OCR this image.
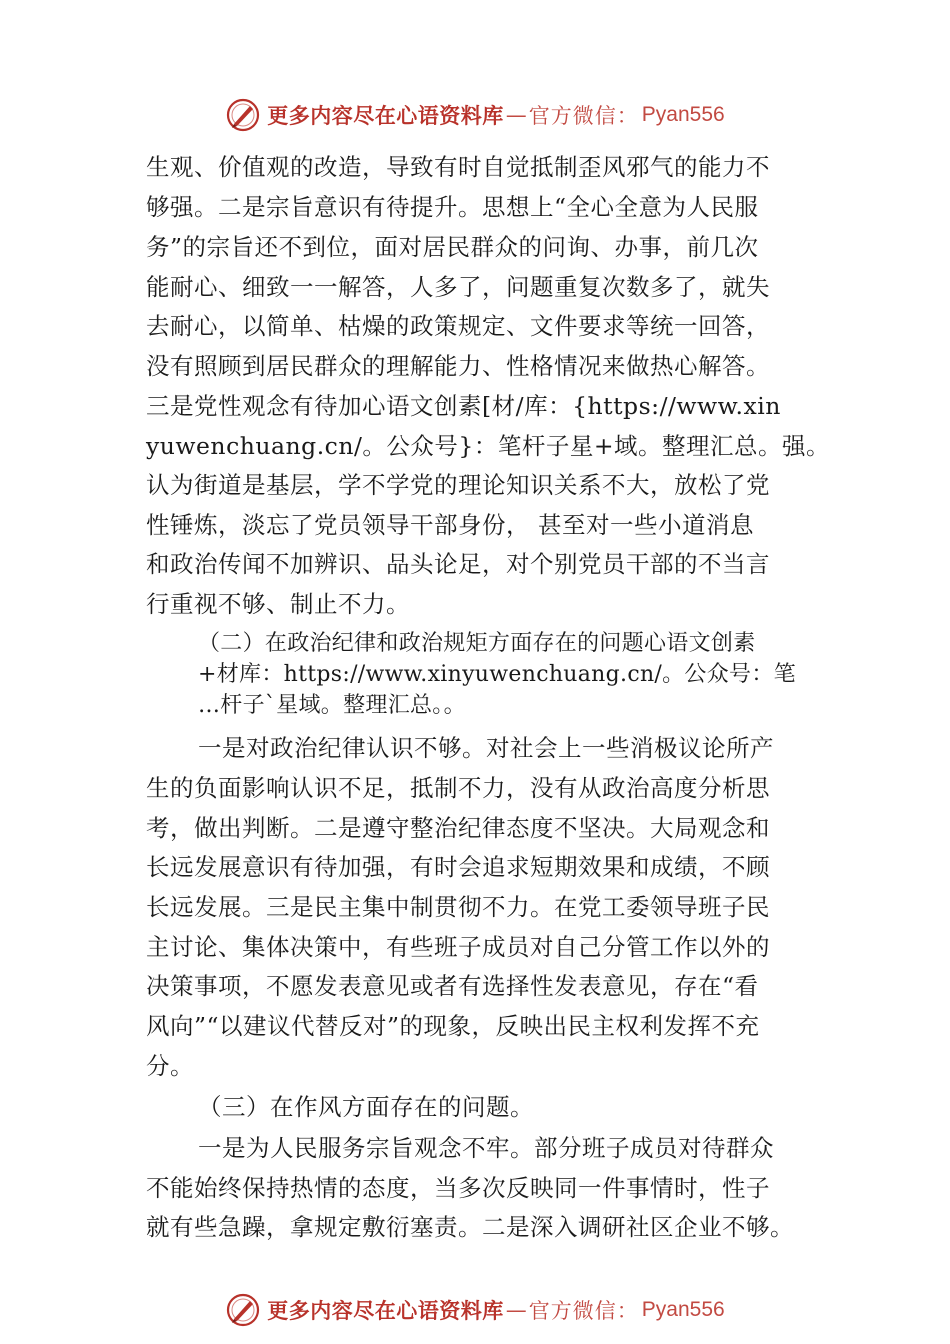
更多内容尽在心语资料库 — 官方微信 ： Pyan556
生观、价值观的改造，导致有时自觉抵制歪风邪气的能力不
够强。二是宗旨意识有待提升。思想上“全心全意为人民服
务”的宗旨还不到位，面对居民群众的问询、办事，前几次
能耐心、细致一一解答，人多了，问题重复次数多了，就失
去耐心，以简单、枯燥的政策规定、文件要求等统一回答，
没有照顾到居民群众的理解能力、性格情况来做热心解答。
三是党性观念有待加心语文创素[材/库：{https://www.xin
yuwenchuang.cn/。公众号}：笔杆子星+域。整理汇总。强。
认为街道是基层，学不学党的理论知识关系不大，放松了党
性锤炼，淡忘了党员领导干部身份， 甚至对一些小道消息
和政治传闻不加辨识、品头论足，对个别党员干部的不当言
行重视不够、制止不力。
（二）在政治纪律和政治规矩方面存在的问题心语文创素
+材库：https://www.xinyuwenchuang.cn/。公众号：笔
…杆子`星域。整理汇总。。
一是对政治纪律认识不够。对社会上一些消极议论所产
生的负面影响认识不足，抵制不力，没有从政治高度分析思
考，做出判断。二是遵守整治纪律态度不坚决。大局观念和
长远发展意识有待加强，有时会追求短期效果和成绩，不顾
长远发展。三是民主集中制贯彻不力。在党工委领导班子民
主讨论、集体决策中，有些班子成员对自己分管工作以外的
决策事项，不愿发表意见或者有选择性发表意见，存在“看
风向”“以建议代替反对”的现象，反映出民主权利发挥不充
分。
（三）在作风方面存在的问题。
一是为人民服务宗旨观念不牢。部分班子成员对待群众
不能始终保持热情的态度，当多次反映同一件事情时，性子
就有些急躁，拿规定敷衍塞责。二是深入调研社区企业不够。
更多内容尽在心语资料库 — 官方微信 ： Pyan556
